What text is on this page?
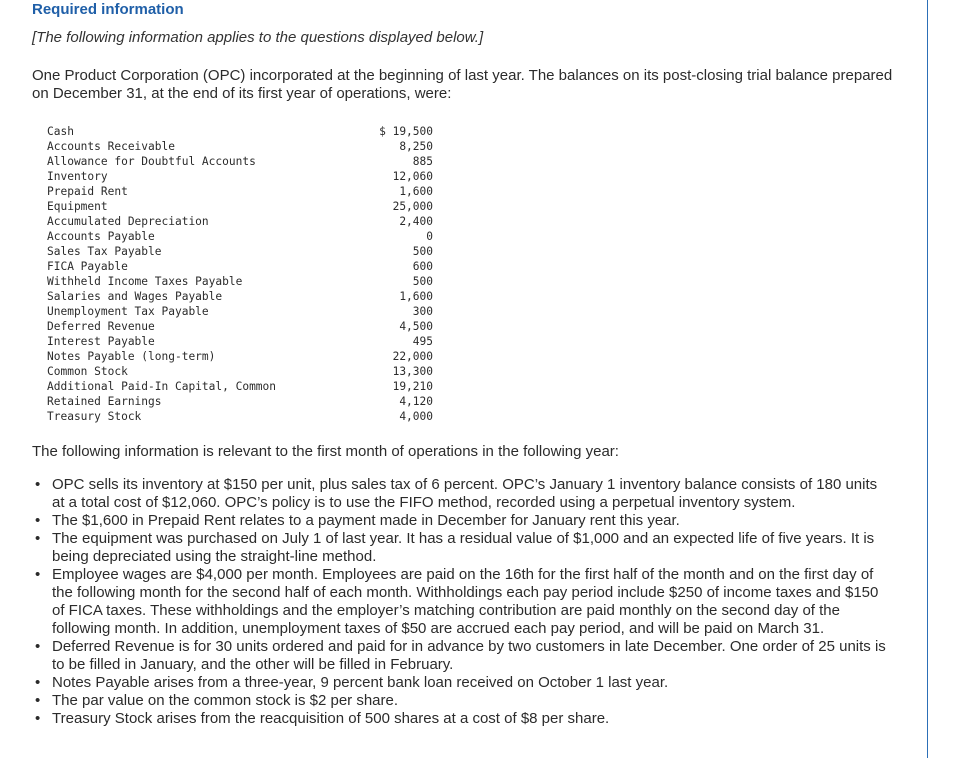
Required information

[The following information applies to the questions displayed below.]

One Product Corporation (OPC) incorporated at the beginning of last year. The balances on its post-closing trial balance prepared on December 31, at the end of its first year of operations, were:

Cash	$ 19,500
Accounts Receivable	8,250
Allowance for Doubtful Accounts	885
Inventory	12,060
Prepaid Rent	1,600
Equipment	25,000
Accumulated Depreciation	2,400
Accounts Payable	0
Sales Tax Payable	500
FICA Payable	600
Withheld Income Taxes Payable	500
Salaries and Wages Payable	1,600
Unemployment Tax Payable	300
Deferred Revenue	4,500
Interest Payable	495
Notes Payable (long-term)	22,000
Common Stock	13,300
Additional Paid-In Capital, Common	19,210
Retained Earnings	4,120
Treasury Stock	4,000

The following information is relevant to the first month of operations in the following year:

• OPC sells its inventory at $150 per unit, plus sales tax of 6 percent. OPC’s January 1 inventory balance consists of 180 units at a total cost of $12,060. OPC’s policy is to use the FIFO method, recorded using a perpetual inventory system.
• The $1,600 in Prepaid Rent relates to a payment made in December for January rent this year.
• The equipment was purchased on July 1 of last year. It has a residual value of $1,000 and an expected life of five years. It is being depreciated using the straight-line method.
• Employee wages are $4,000 per month. Employees are paid on the 16th for the first half of the month and on the first day of the following month for the second half of each month. Withholdings each pay period include $250 of income taxes and $150 of FICA taxes. These withholdings and the employer’s matching contribution are paid monthly on the second day of the following month. In addition, unemployment taxes of $50 are accrued each pay period, and will be paid on March 31.
• Deferred Revenue is for 30 units ordered and paid for in advance by two customers in late December. One order of 25 units is to be filled in January, and the other will be filled in February.
• Notes Payable arises from a three-year, 9 percent bank loan received on October 1 last year.
• The par value on the common stock is $2 per share.
• Treasury Stock arises from the reacquisition of 500 shares at a cost of $8 per share.
